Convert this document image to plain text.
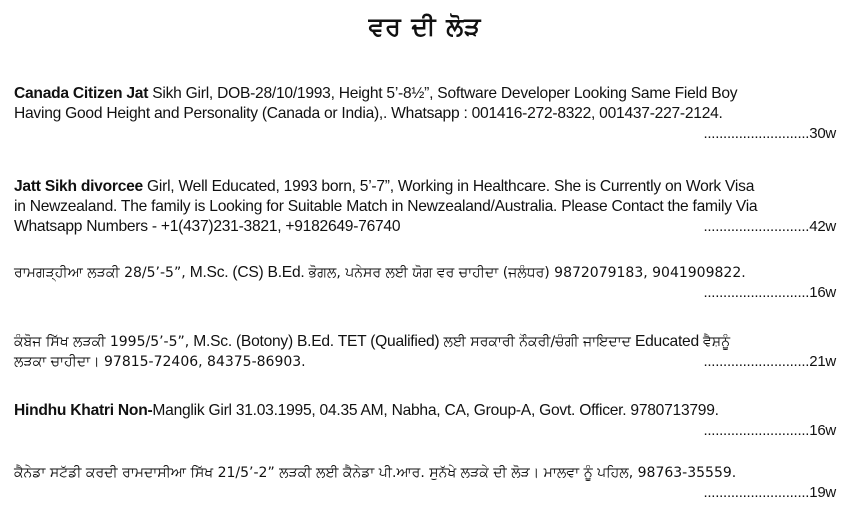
ਵਰ ਦੀ ਲੋੜ

Canada Citizen Jat Sikh Girl, DOB-28/10/1993, Height 5’-8½”, Software Developer Looking Same Field Boy

Having Good Height and Personality (Canada or India),. Whatsapp : 001416-272-8322, 001437-227-2124.

...........................30w

Jatt Sikh divorcee Girl, Well Educated, 1993 born, 5’-7”, Working in Healthcare. She is Currently on Work Visa

in Newzealand. The family is Looking for Suitable Match in Newzealand/Australia. Please Contact the family Via

Whatsapp Numbers - +1(437)231-3821, +9182649-76740	...........................42w

ਰਾਮਗੜ੍ਹੀਆ ਲੜਕੀ 28/5’-5”, M.Sc. (CS) B.Ed. ਭੋਗਲ, ਪਨੇਸਰ ਲਈ ਯੋਗ ਵਰ ਚਾਹੀਦਾ (ਜਲੰਧਰ) 9872079183, 9041909822.

...........................16w

ਕੰਬੋਜ ਸਿੱਖ ਲੜਕੀ 1995/5’-5”, M.Sc. (Botony) B.Ed. TET (Qualified) ਲਈ ਸਰਕਾਰੀ ਨੌਕਰੀ/ਚੰਗੀ ਜਾਇਦਾਦ Educated ਵੈਸ਼ਨੂੰ

ਲੜਕਾ ਚਾਹੀਦਾ। 97815-72406, 84375-86903.	...........................21w

Hindhu Khatri Non-Manglik Girl 31.03.1995, 04.35 AM, Nabha, CA, Group-A, Govt. Officer. 9780713799.

...........................16w

ਕੈਨੇਡਾ ਸਟੱਡੀ ਕਰਦੀ ਰਾਮਦਾਸੀਆ ਸਿੱਖ 21/5’-2” ਲੜਕੀ ਲਈ ਕੈਨੇਡਾ ਪੀ.ਆਰ. ਸੁਨੱਖੇ ਲੜਕੇ ਦੀ ਲੋੜ। ਮਾਲਵਾ ਨੂੰ ਪਹਿਲ, 98763-35559.

...........................19w
